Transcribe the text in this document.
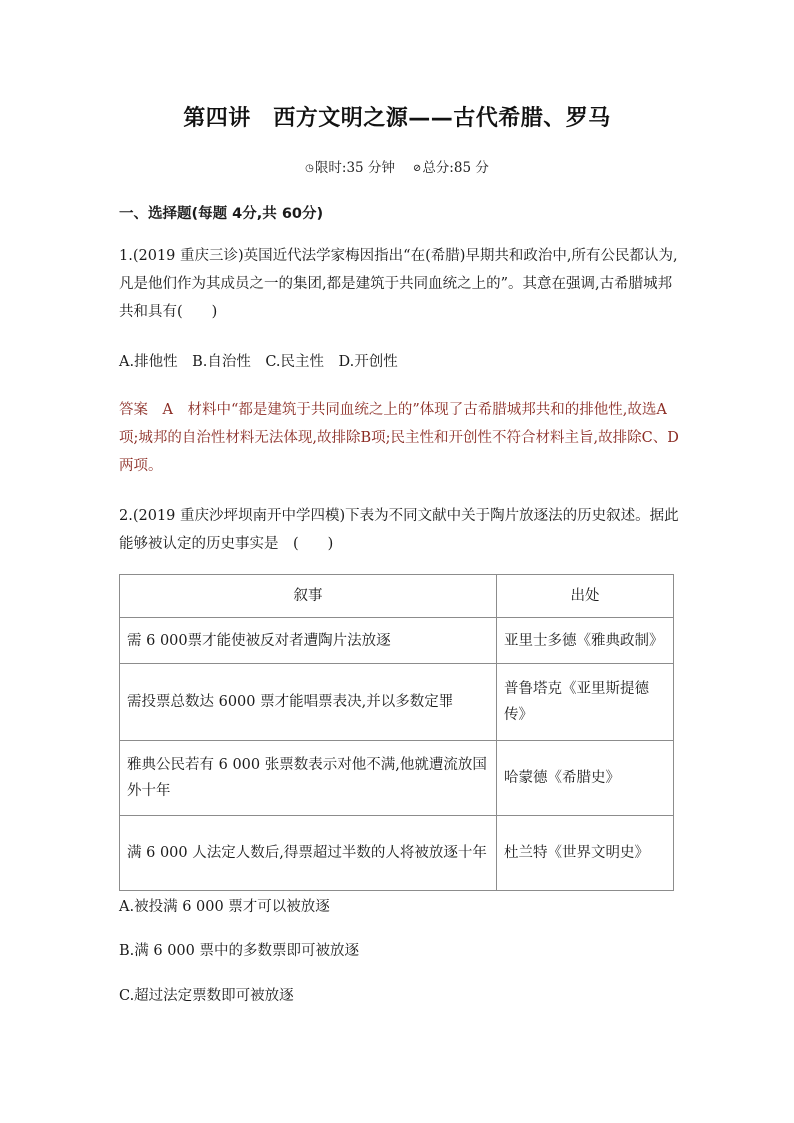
第四讲　西方文明之源——古代希腊、罗马
◷限时:35 分钟 ⊘总分:85 分
一、选择题(每题 4分,共 60分)

1.(2019 重庆三诊)英国近代法学家梅因指出“在(希腊)早期共和政治中,所有公民都认为,凡是他们作为其成员之一的集团,都是建筑于共同血统之上的”。其意在强调,古希腊城邦共和具有(　　)

A.排他性　B.自治性　C.民主性　D.开创性

答案　A　材料中“都是建筑于共同血统之上的”体现了古希腊城邦共和的排他性,故选A项;城邦的自治性材料无法体现,故排除B项;民主性和开创性不符合材料主旨,故排除C、D两项。

2.(2019 重庆沙坪坝南开中学四模)下表为不同文献中关于陶片放逐法的历史叙述。据此能够被认定的历史事实是　(　　)

叙事	出处
需 6 000票才能使被反对者遭陶片法放逐	亚里士多德《雅典政制》
需投票总数达 6000 票才能唱票表决,并以多数定罪	普鲁塔克《亚里斯提德传》
雅典公民若有 6 000 张票数表示对他不满,他就遭流放国外十年	哈蒙德《希腊史》
满 6 000 人法定人数后,得票超过半数的人将被放逐十年	杜兰特《世界文明史》
A.被投满 6 000 票才可以被放逐
B.满 6 000 票中的多数票即可被放逐
C.超过法定票数即可被放逐
